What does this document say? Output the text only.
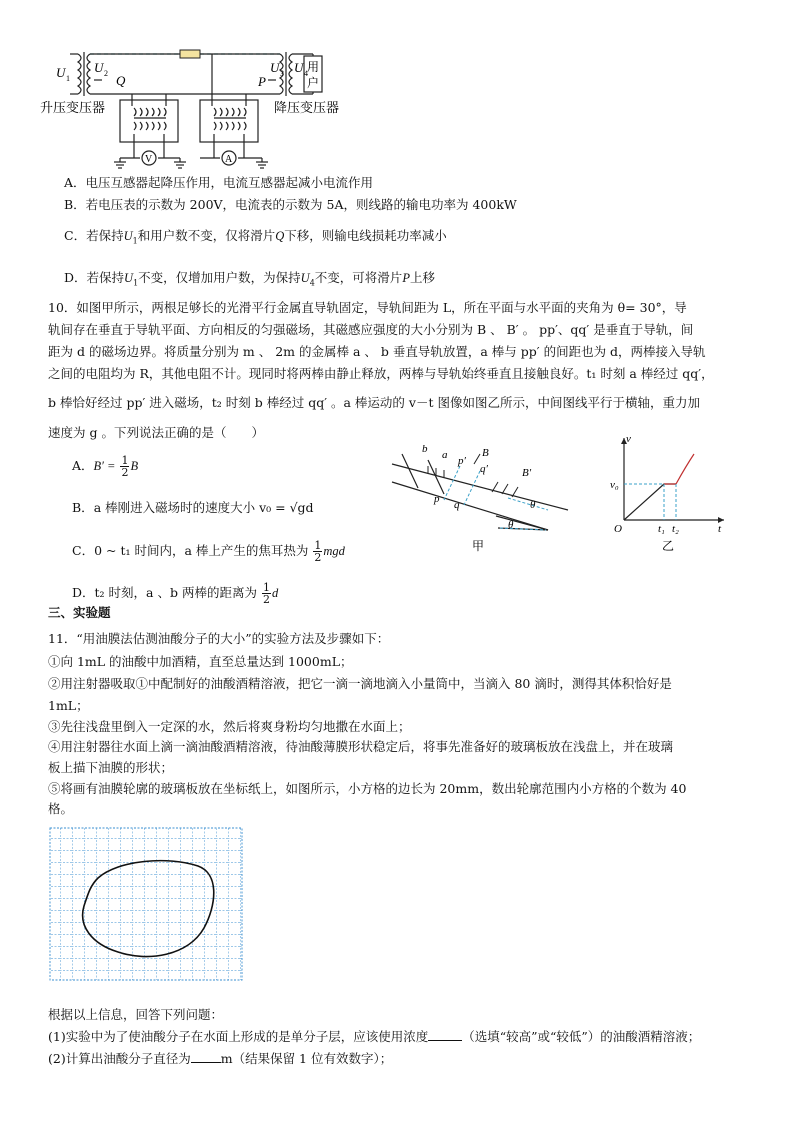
U 1
U 2 Q
U 3
P
U 4 用
户
升压变压器	降压变压器
V	A
A．电压互感器起降压作用，电流互感器起减小电流作用
B．若电压表的示数为 200V，电流表的示数为 5A，则线路的输电功率为 400kW
C．若保持$U_1$和用户数不变，仅将滑片Q下移，则输电线损耗功率减小
D．若保持$U_1$不变，仅增加用户数，为保持$U_4$不变，可将滑片P上移
10．如图甲所示，两根足够长的光滑平行金属直导轨固定，导轨间距为 L，所在平面与水平面的夹角为 θ= 30°，导
轨间存在垂直于导轨平面、方向相反的匀强磁场，其磁感应强度的大小分别为 B 、 B′ 。 pp′、qq′ 是垂直于导轨，间
距为 d 的磁场边界。将质量分别为 m 、 2m 的金属棒 a 、 b 垂直导轨放置，a 棒与 pp′ 的间距也为 d，两棒接入导轨
之间的电阻均为 R，其他电阻不计。现同时将两棒由静止释放，两棒与导轨始终垂直且接触良好。t₁ 时刻 a 棒经过 qq′，
b 棒恰好经过 pp′ 进入磁场，t₂ 时刻 b 棒经过 qq′ 。a 棒运动的 v－t 图像如图乙所示，中间图线平行于横轴，重力加
速度为 g 。下列说法正确的是（　　）
A．$B' = \frac{1}{2}$ B
B．a 棒刚进入磁场时的速度大小 v₀ = √gd
C．0 ~ t₁ 时间内，a 棒上产生的焦耳热为 $\frac{1}{2}$ mgd
D．t₂ 时刻，a 、b 两棒的距离为 $\frac{1}{2}$ d
b a p′
q′
B
B′
p q	θ
θ
甲
v
v₀
O	t₁ t₂	t
乙
三、实验题
11．“用油膜法估测油酸分子的大小”的实验方法及步骤如下：
①向 1mL 的油酸中加酒精，直至总量达到 1000mL；
②用注射器吸取①中配制好的油酸酒精溶液，把它一滴一滴地滴入小量筒中，当滴入 80 滴时，测得其体积恰好是
1mL；
③先往浅盘里倒入一定深的水，然后将爽身粉均匀地撒在水面上；
④用注射器往水面上滴一滴油酸酒精溶液，待油酸薄膜形状稳定后，将事先准备好的玻璃板放在浅盘上，并在玻璃
板上描下油膜的形状；
⑤将画有油膜轮廓的玻璃板放在坐标纸上，如图所示，小方格的边长为 20mm，数出轮廓范围内小方格的个数为 40
格。
根据以上信息，回答下列问题：
(1)实验中为了使油酸分子在水面上形成的是单分子层，应该使用浓度	（选填“较高”或“较低”）的油酸酒精溶液；
(2)计算出油酸分子直径为 m（结果保留 1 位有效数字）；
